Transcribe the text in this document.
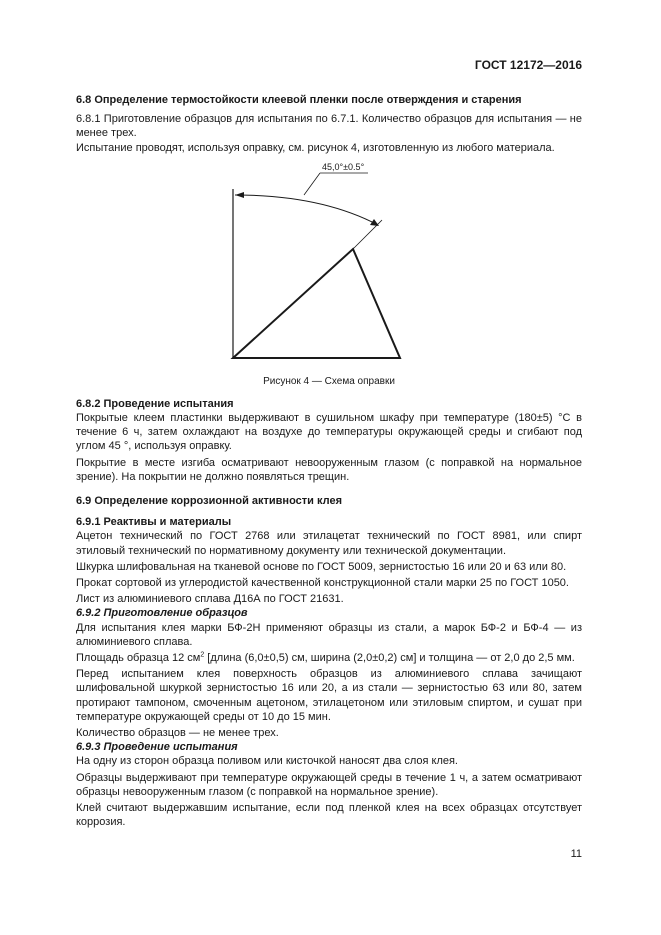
ГОСТ 12172—2016

6.8 Определение термостойкости клеевой пленки после отверждения и старения

6.8.1 Приготовление образцов для испытания по 6.7.1. Количество образцов для испытания — не менее трех.

Испытание проводят, используя оправку, см. рисунок 4, изготовленную из любого материала.

45,0°±0.5°
Рисунок 4 — Схема оправки

6.8.2 Проведение испытания

Покрытые клеем пластинки выдерживают в сушильном шкафу при температуре (180±5) °С в течение 6 ч, затем охлаждают на воздухе до температуры окружающей среды и сгибают под углом 45 °, используя оправку.

Покрытие в месте изгиба осматривают невооруженным глазом (с поправкой на нормальное зрение). На покрытии не должно появляться трещин.

6.9 Определение коррозионной активности клея

6.9.1 Реактивы и материалы

Ацетон технический по ГОСТ 2768 или этилацетат технический по ГОСТ 8981, или спирт этиловый технический по нормативному документу или технической документации.

Шкурка шлифовальная на тканевой основе по ГОСТ 5009, зернистостью 16 или 20 и 63 или 80.

Прокат сортовой из углеродистой качественной конструкционной стали марки 25 по ГОСТ 1050.

Лист из алюминиевого сплава Д16А по ГОСТ 21631.

6.9.2 Приготовление образцов

Для испытания клея марки БФ-2Н применяют образцы из стали, а марок БФ-2 и БФ-4 — из алюминиевого сплава.

Площадь образца 12 $см^2$ [длина (6,0±0,5) см, ширина (2,0±0,2) см] и толщина — от 2,0 до 2,5 мм.

Перед испытанием клея поверхность образцов из алюминиевого сплава зачищают шлифовальной шкуркой зернистостью 16 или 20, а из стали — зернистостью 63 или 80, затем протирают тампоном, смоченным ацетоном, этилацетоном или этиловым спиртом, и сушат при температуре окружающей среды от 10 до 15 мин.

Количество образцов — не менее трех.

6.9.3 Проведение испытания

На одну из сторон образца поливом или кисточкой наносят два слоя клея.

Образцы выдерживают при температуре окружающей среды в течение 1 ч, а затем осматривают образцы невооруженным глазом (с поправкой на нормальное зрение).

Клей считают выдержавшим испытание, если под пленкой клея на всех образцах отсутствует коррозия.

11
